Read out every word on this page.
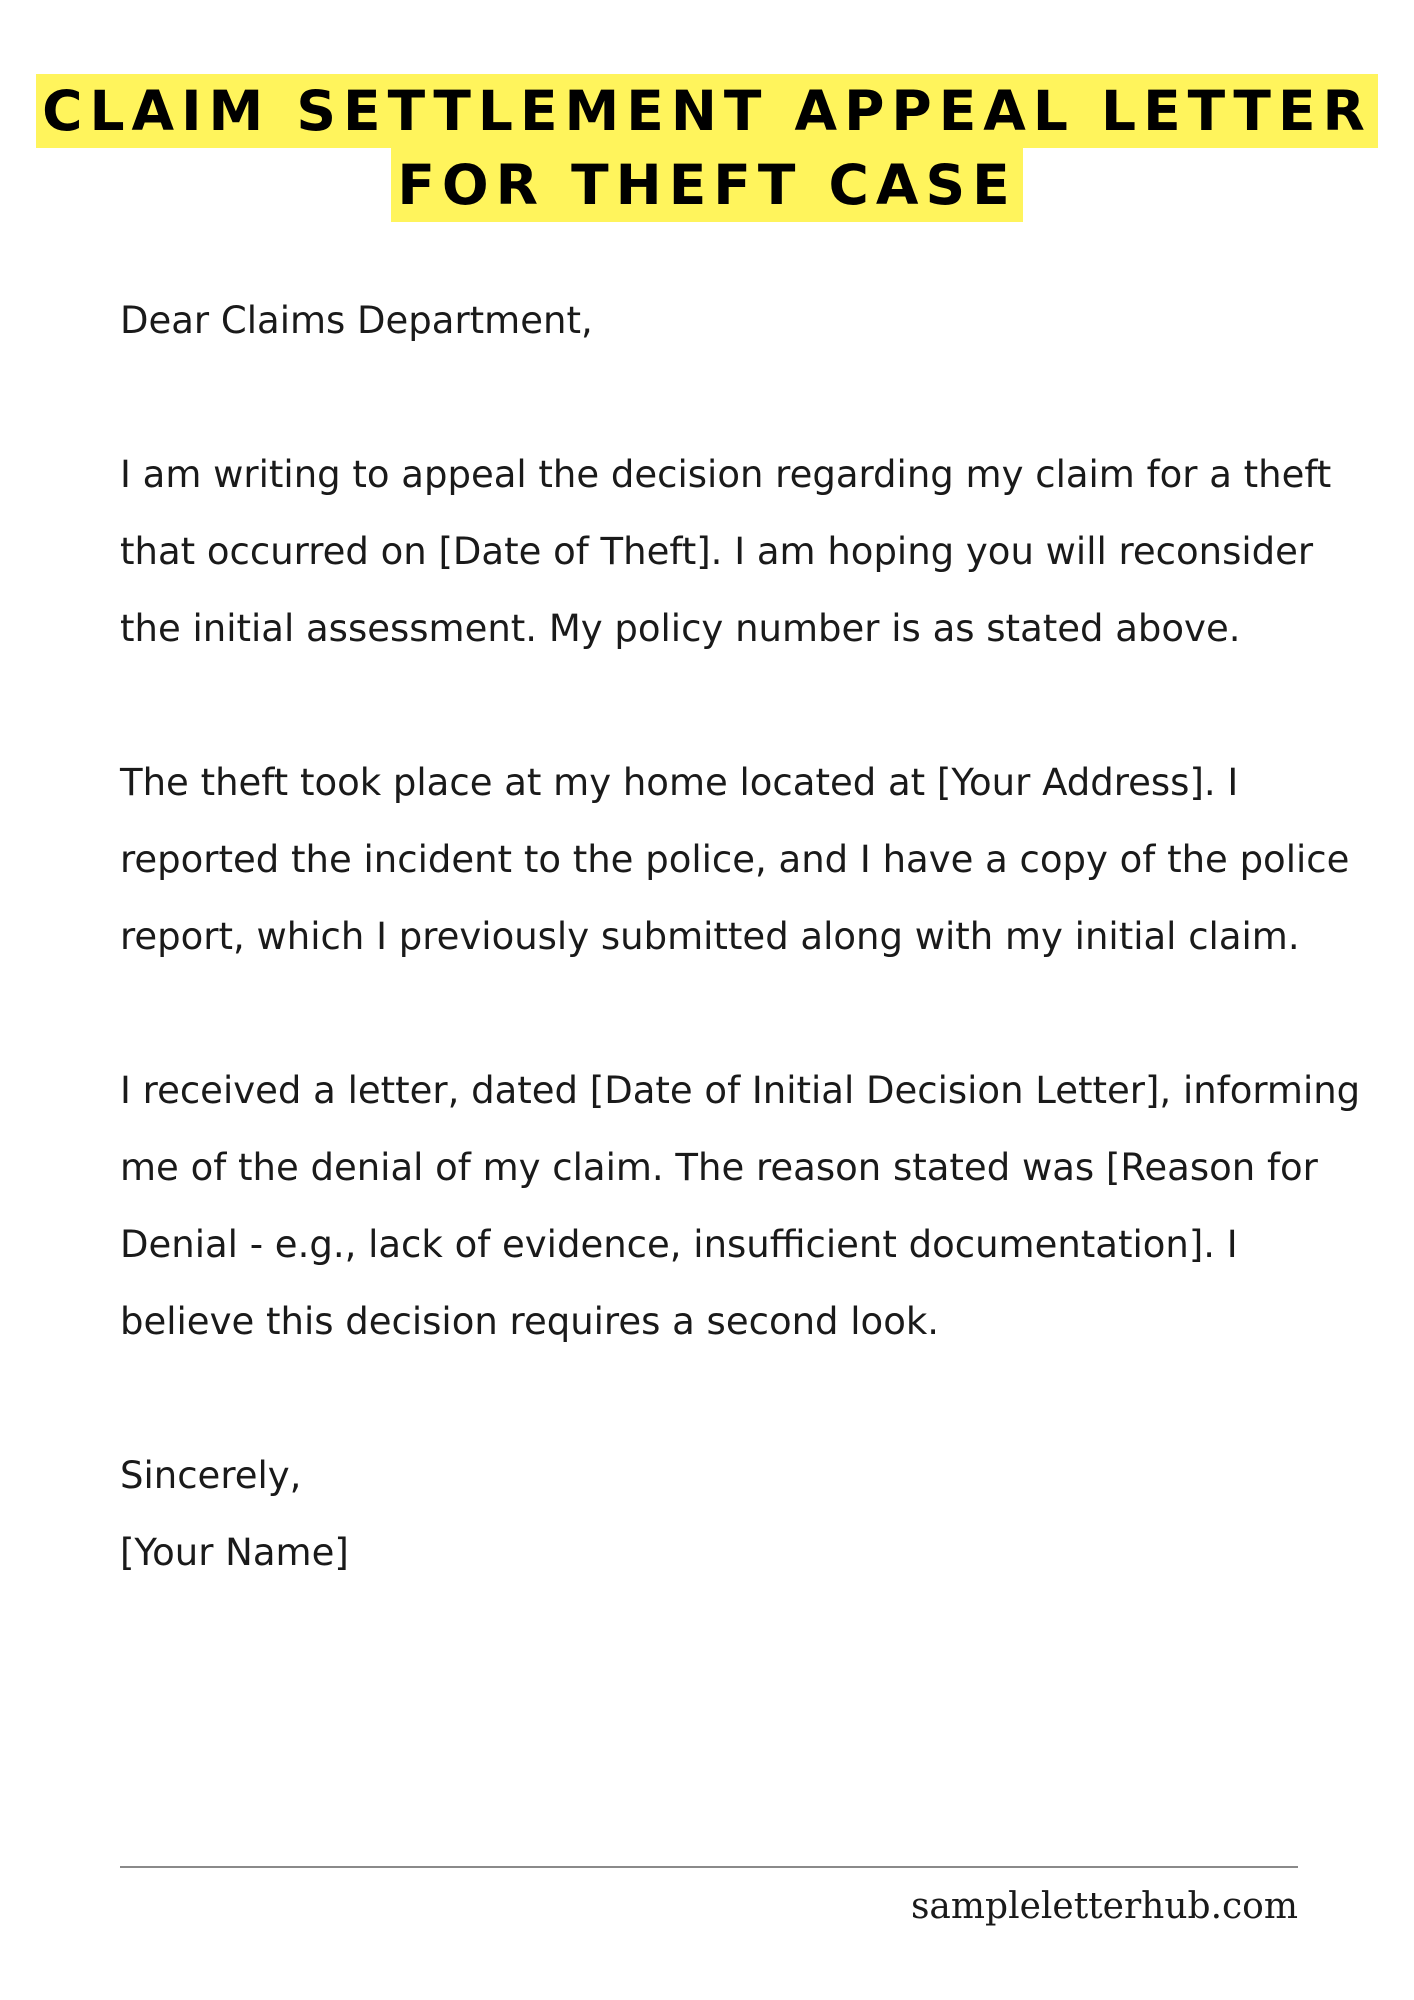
CLAIM SETTLEMENT APPEAL LETTER
FOR THEFT CASE

Dear Claims Department,

I am writing to appeal the decision regarding my claim for a theft that occurred on [Date of Theft]. I am hoping you will reconsider the initial assessment. My policy number is as stated above.

The theft took place at my home located at [Your Address]. I reported the incident to the police, and I have a copy of the police report, which I previously submitted along with my initial claim.

I received a letter, dated [Date of Initial Decision Letter], informing me of the denial of my claim. The reason stated was [Reason for Denial - e.g., lack of evidence, insufficient documentation]. I believe this decision requires a second look.

Sincerely,

[Your Name]

sampleletterhub.com
